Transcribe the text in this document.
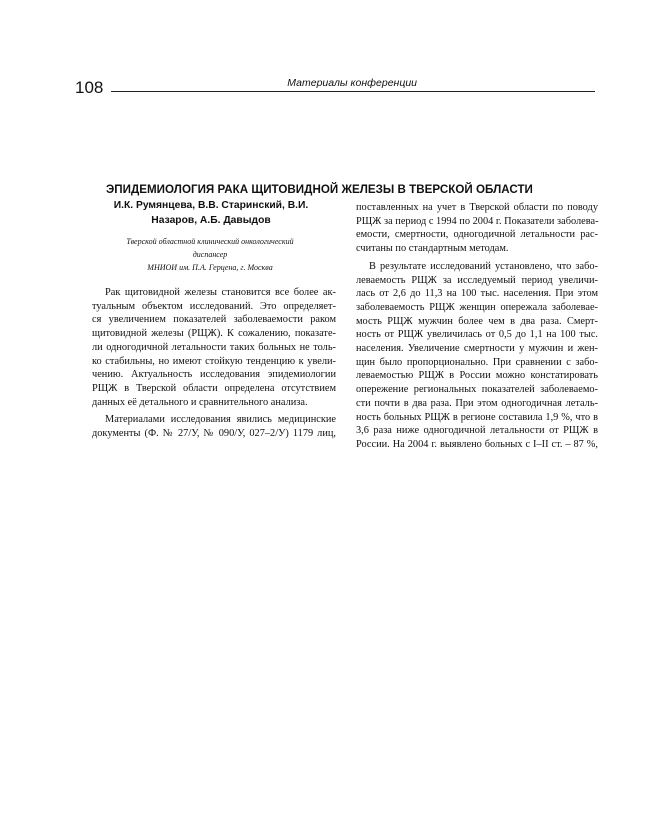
108	Материалы конференции
ЭПИДЕМИОЛОГИЯ РАКА ЩИТОВИДНОЙ ЖЕЛЕЗЫ В ТВЕРСКОЙ ОБЛАСТИ
И.К. Румянцева, В.В. Старинский, В.И.
Назаров, А.Б. Давыдов
Тверской областной клинический онкологический
диспансер
МНИОИ им. П.А. Герцена, г. Москва

Рак щитовидной железы становится все более ак-
туальным объектом исследований. Это определяет-
ся увеличением показателей заболеваемости раком
щитовидной железы (РЩЖ). К сожалению, показате-
ли одногодичной летальности таких больных не толь-
ко стабильны, но имеют стойкую тенденцию к увели-
чению. Актуальность исследования эпидемиологии
РЩЖ в Тверской области определена отсутствием
данных её детального и сравнительного анализа.

Материалами исследования явились медицинские
документы (Ф. № 27/У, № 090/У, 027–2/У) 1179 лиц,

поставленных на учет в Тверской области по поводу
РЩЖ за период с 1994 по 2004 г. Показатели заболева-
емости, смертности, одногодичной летальности рас-
считаны по стандартным методам.

В результате исследований установлено, что забо-
леваемость РЩЖ за исследуемый период увеличи-
лась от 2,6 до 11,3 на 100 тыс. населения. При этом
заболеваемость РЩЖ женщин опережала заболевае-
мость РЩЖ мужчин более чем в два раза. Смерт-
ность от РЩЖ увеличилась от 0,5 до 1,1 на 100 тыс.
населения. Увеличение смертности у мужчин и жен-
щин было пропорционально. При сравнении с забо-
леваемостью РЩЖ в России можно констатировать
опережение региональных показателей заболеваемо-
сти почти в два раза. При этом одногодичная леталь-
ность больных РЩЖ в регионе составила 1,9 %, что в
3,6 раза ниже одногодичной летальности от РЩЖ в
России. На 2004 г. выявлено больных с I–II ст. – 87 %,
